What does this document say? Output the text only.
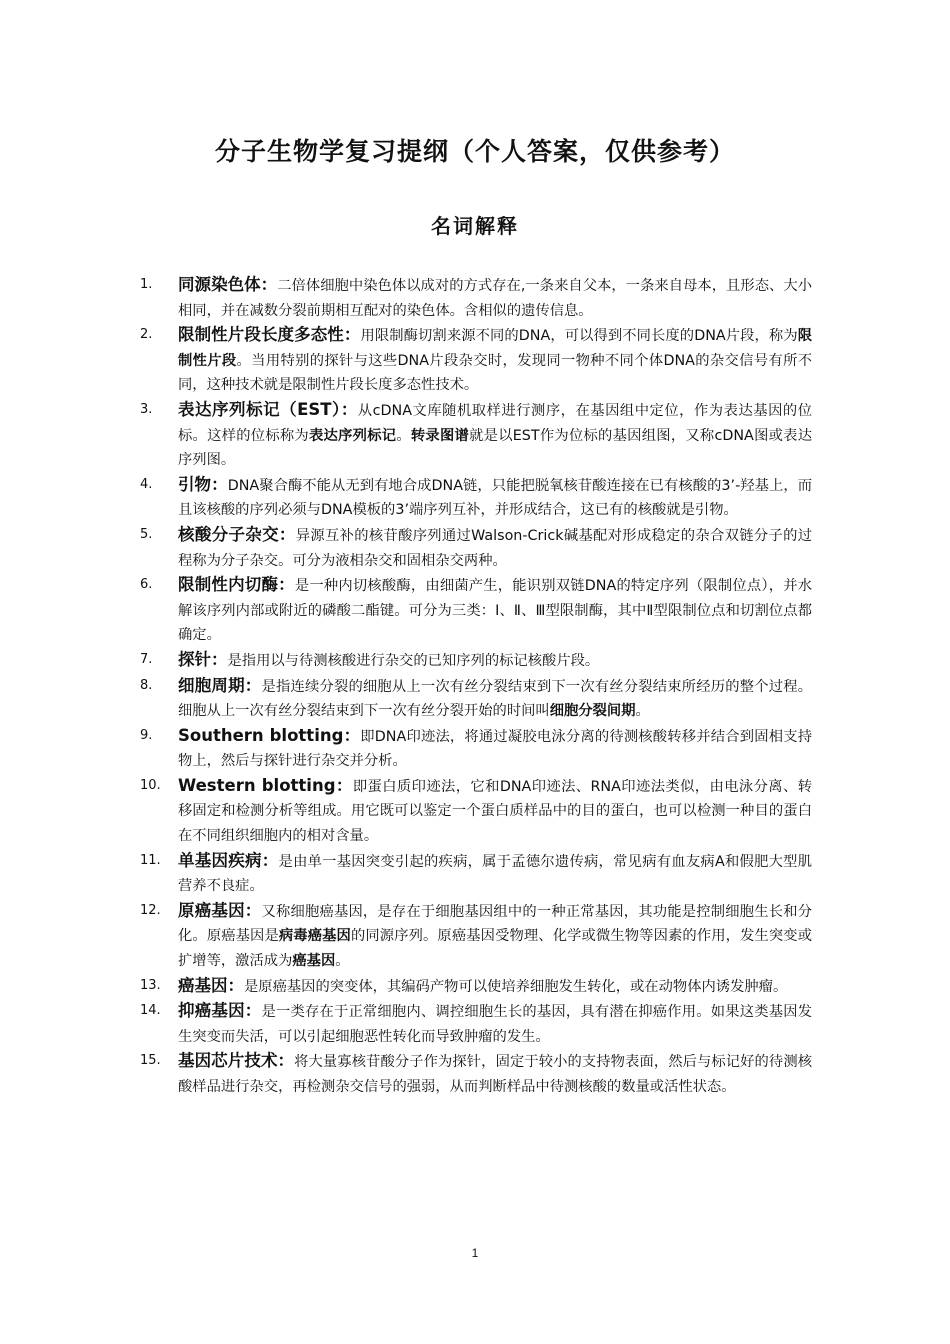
分子生物学复习提纲（个人答案，仅供参考）
名词解释
1. 同源染色体：二倍体细胞中染色体以成对的方式存在,一条来自父本，一条来自母本，且形态、大小相同，并在减数分裂前期相互配对的染色体。含相似的遗传信息。
2. 限制性片段长度多态性：用限制酶切割来源不同的DNA，可以得到不同长度的DNA片段，称为限制性片段。当用特别的探针与这些DNA片段杂交时，发现同一物种不同个体DNA的杂交信号有所不同，这种技术就是限制性片段长度多态性技术。
3. 表达序列标记（EST）：从cDNA文库随机取样进行测序，在基因组中定位，作为表达基因的位标。这样的位标称为表达序列标记。转录图谱就是以EST作为位标的基因组图，又称cDNA图或表达序列图。
4. 引物：DNA聚合酶不能从无到有地合成DNA链，只能把脱氧核苷酸连接在已有核酸的3’-羟基上，而且该核酸的序列必须与DNA模板的3’端序列互补，并形成结合，这已有的核酸就是引物。
5. 核酸分子杂交：异源互补的核苷酸序列通过Walson-Crick碱基配对形成稳定的杂合双链分子的过程称为分子杂交。可分为液相杂交和固相杂交两种。
6. 限制性内切酶：是一种内切核酸酶，由细菌产生，能识别双链DNA的特定序列（限制位点），并水解该序列内部或附近的磷酸二酯键。可分为三类：Ⅰ、Ⅱ、Ⅲ型限制酶，其中Ⅱ型限制位点和切割位点都确定。
7. 探针：是指用以与待测核酸进行杂交的已知序列的标记核酸片段。
8. 细胞周期：是指连续分裂的细胞从上一次有丝分裂结束到下一次有丝分裂结束所经历的整个过程。细胞从上一次有丝分裂结束到下一次有丝分裂开始的时间叫细胞分裂间期。
9. Southern blotting：即DNA印迹法，将通过凝胶电泳分离的待测核酸转移并结合到固相支持物上，然后与探针进行杂交并分析。
10. Western blotting：即蛋白质印迹法，它和DNA印迹法、RNA印迹法类似，由电泳分离、转移固定和检测分析等组成。用它既可以鉴定一个蛋白质样品中的目的蛋白，也可以检测一种目的蛋白在不同组织细胞内的相对含量。
11. 单基因疾病：是由单一基因突变引起的疾病，属于孟德尔遗传病，常见病有血友病A和假肥大型肌营养不良症。
12. 原癌基因：又称细胞癌基因，是存在于细胞基因组中的一种正常基因，其功能是控制细胞生长和分化。原癌基因是病毒癌基因的同源序列。原癌基因受物理、化学或微生物等因素的作用，发生突变或扩增等，激活成为癌基因。
13. 癌基因：是原癌基因的突变体，其编码产物可以使培养细胞发生转化，或在动物体内诱发肿瘤。
14. 抑癌基因：是一类存在于正常细胞内、调控细胞生长的基因，具有潜在抑癌作用。如果这类基因发生突变而失活，可以引起细胞恶性转化而导致肿瘤的发生。
15. 基因芯片技术：将大量寡核苷酸分子作为探针，固定于较小的支持物表面，然后与标记好的待测核酸样品进行杂交，再检测杂交信号的强弱，从而判断样品中待测核酸的数量或活性状态。
1
